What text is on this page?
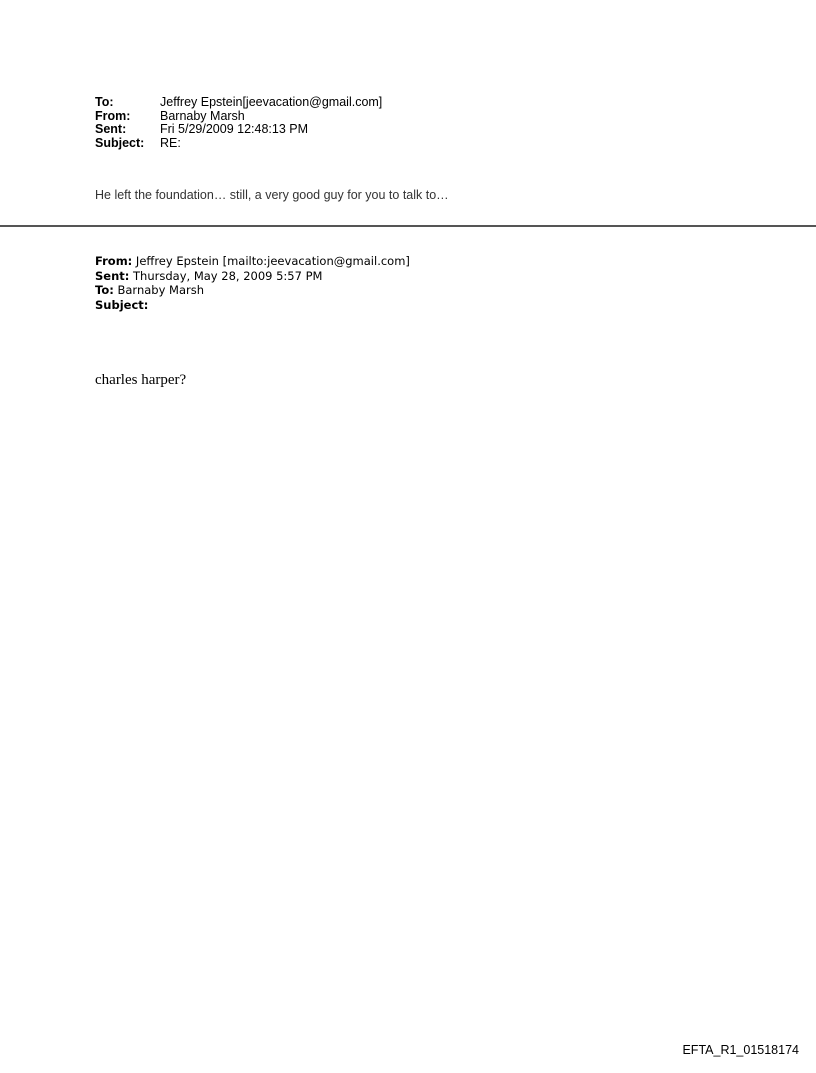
To:	Jeffrey Epstein[jeevacation@gmail.com]
From:	Barnaby Marsh
Sent:	Fri 5/29/2009 12:48:13 PM
Subject:	RE:
He left the foundation… still, a very good guy for you to talk to…
From: Jeffrey Epstein [mailto:jeevacation@gmail.com]
Sent: Thursday, May 28, 2009 5:57 PM
To: Barnaby Marsh
Subject:
charles harper?
EFTA_R1_01518174
